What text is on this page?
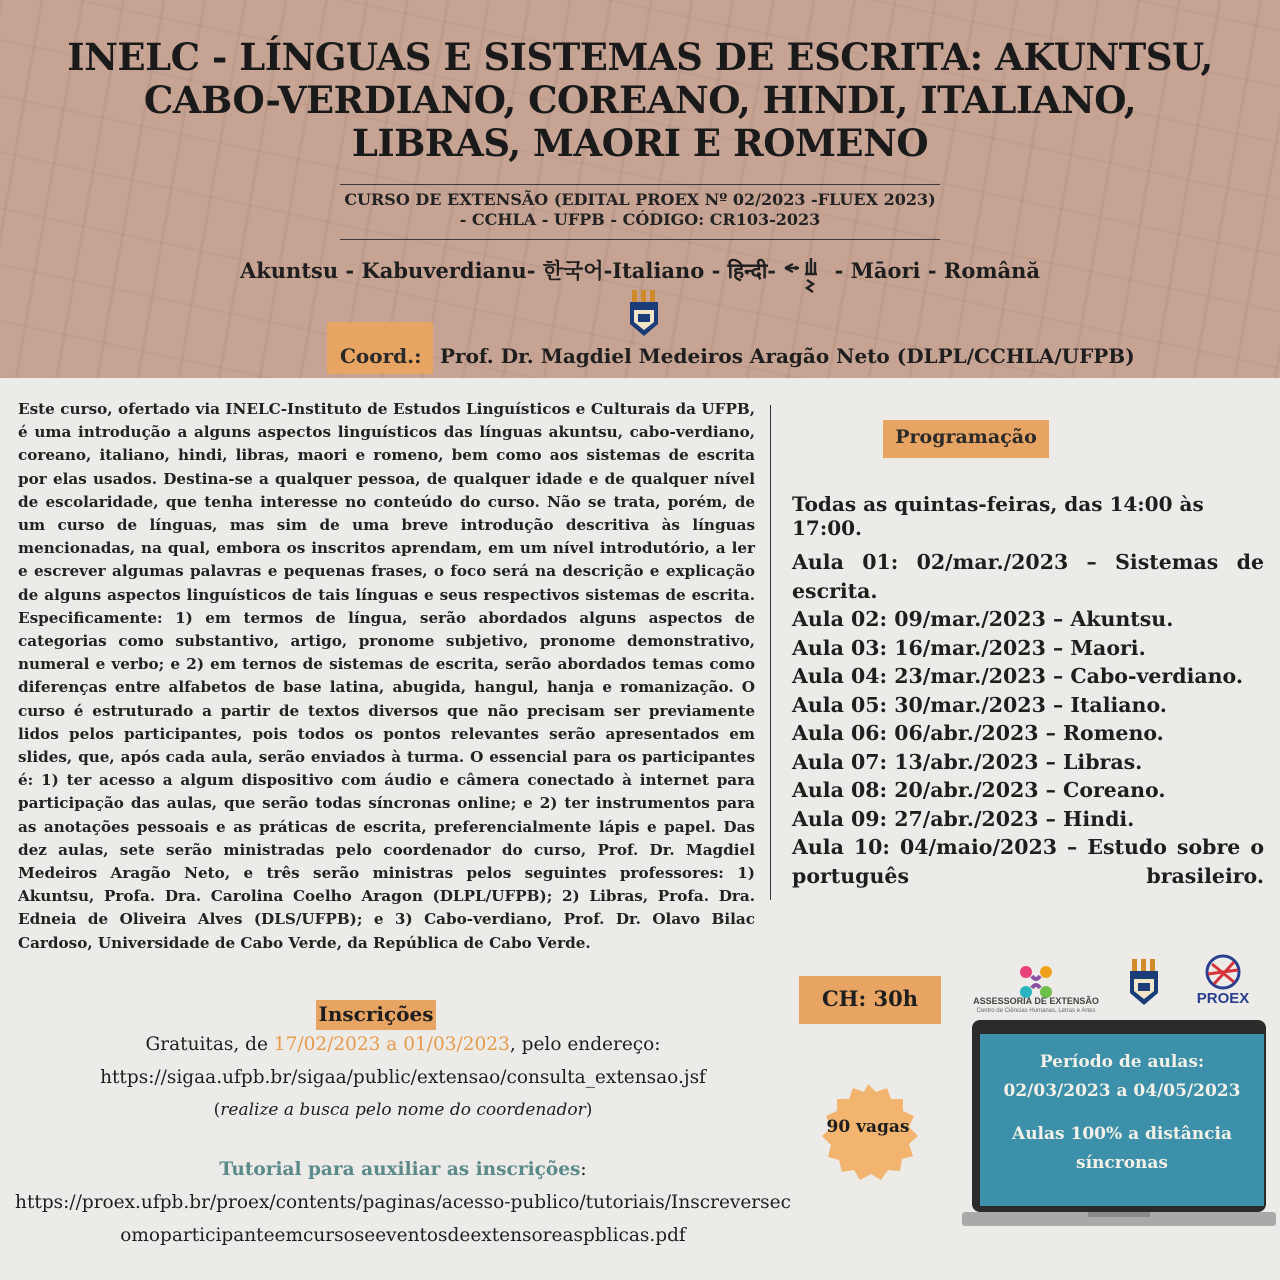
INELC - LÍNGUAS E SISTEMAS DE ESCRITA: AKUNTSU, CABO-VERDIANO, COREANO, HINDI, ITALIANO, LIBRAS, MAORI E ROMENO
CURSO DE EXTENSÃO (EDITAL PROEX Nº 02/2023 -FLUEX 2023) - CCHLA - UFPB - CÓDIGO: CR103-2023
Akuntsu - Kabuverdianu- 한국어-Italiano - हिन्दी-  - Māori - Română
Coord.: Prof. Dr. Magdiel Medeiros Aragão Neto (DLPL/CCHLA/UFPB)

Este curso, ofertado via INELC-Instituto de Estudos Linguísticos e Culturais da UFPB, é uma introdução a alguns aspectos linguísticos das línguas akuntsu, cabo-verdiano, coreano, italiano, hindi, libras, maori e romeno, bem como aos sistemas de escrita por elas usados. Destina-se a qualquer pessoa, de qualquer idade e de qualquer nível de escolaridade, que tenha interesse no conteúdo do curso. Não se trata, porém, de um curso de línguas, mas sim de uma breve introdução descritiva às línguas mencionadas, na qual, embora os inscritos aprendam, em um nível introdutório, a ler e escrever algumas palavras e pequenas frases, o foco será na descrição e explicação de alguns aspectos linguísticos de tais línguas e seus respectivos sistemas de escrita. Especificamente: 1) em termos de língua, serão abordados alguns aspectos de categorias como substantivo, artigo, pronome subjetivo, pronome demonstrativo, numeral e verbo; e 2) em ternos de sistemas de escrita, serão abordados temas como diferenças entre alfabetos de base latina, abugida, hangul, hanja e romanização. O curso é estruturado a partir de textos diversos que não precisam ser previamente lidos pelos participantes, pois todos os pontos relevantes serão apresentados em slides, que, após cada aula, serão enviados à turma. O essencial para os participantes é: 1) ter acesso a algum dispositivo com áudio e câmera conectado à internet para participação das aulas, que serão todas síncronas online; e 2) ter instrumentos para as anotações pessoais e as práticas de escrita, preferencialmente lápis e papel. Das dez aulas, sete serão ministradas pelo coordenador do curso, Prof. Dr. Magdiel Medeiros Aragão Neto, e três serão ministras pelos seguintes professores: 1) Akuntsu, Profa. Dra. Carolina Coelho Aragon (DLPL/UFPB); 2) Libras, Profa. Dra. Edneia de Oliveira Alves (DLS/UFPB); e 3) Cabo-verdiano, Prof. Dr. Olavo Bilac Cardoso, Universidade de Cabo Verde, da República de Cabo Verde.

Programação
Todas as quintas-feiras, das 14:00 às 17:00.
Aula 01: 02/mar./2023 – Sistemas de escrita.
Aula 02: 09/mar./2023 – Akuntsu.
Aula 03: 16/mar./2023 – Maori.
Aula 04: 23/mar./2023 – Cabo-verdiano.
Aula 05: 30/mar./2023 – Italiano.
Aula 06: 06/abr./2023 – Romeno.
Aula 07: 13/abr./2023 – Libras.
Aula 08: 20/abr./2023 – Coreano.
Aula 09: 27/abr./2023 – Hindi.
Aula 10: 04/maio/2023 – Estudo sobre o português brasileiro.
Inscrições
Gratuitas, de 17/02/2023 a 01/03/2023, pelo endereço:
https://sigaa.ufpb.br/sigaa/public/extensao/consulta_extensao.jsf
(realize a busca pelo nome do coordenador)
Tutorial para auxiliar as inscrições:
https://proex.ufpb.br/proex/contents/paginas/acesso-publico/tutoriais/Inscreversecomoparticipanteemcursoseeventosdeextensoreaspblicas.pdf
CH: 30h
90 vagas
ASSESSORIA DE EXTENSÃO
Centro de Ciências Humanas, Letras e Artes
PROEX
Período de aulas:
02/03/2023 a 04/05/2023
Aulas 100% a distância
síncronas
